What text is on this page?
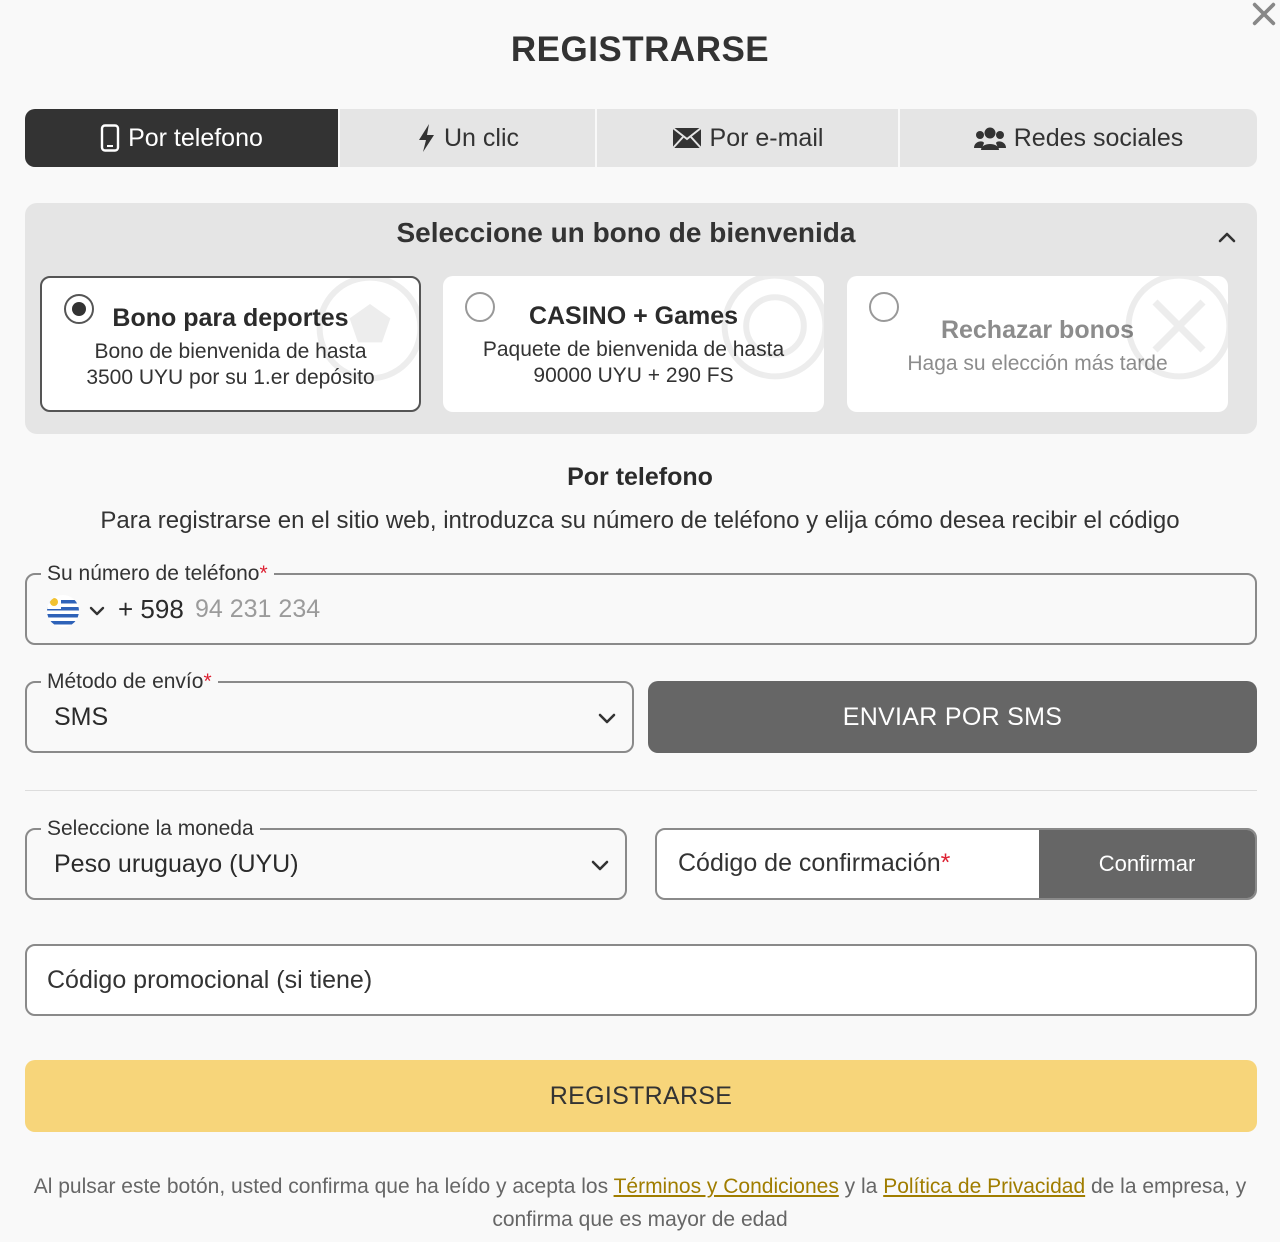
REGISTRARSE
Por telefono	Un clic	Por e-mail	Redes sociales
Seleccione un bono de bienvenida
Bono para deportes
Bono de bienvenida de hasta 3500 UYU por su 1.er depósito
CASINO + Games
Paquete de bienvenida de hasta 90000 UYU + 290 FS
Rechazar bonos
Haga su elección más tarde
Por telefono
Para registrarse en el sitio web, introduzca su número de teléfono y elija cómo desea recibir el código
Su número de teléfono*
+ 598
94 231 234
Método de envío*
SMS	ENVIAR POR SMS
Seleccione la moneda
Peso uruguayo (UYU)	Código de confirmación*	Confirmar
Código promocional (si tiene)
REGISTRARSE
Al pulsar este botón, usted confirma que ha leído y acepta los Términos y Condiciones y la Política de Privacidad de la empresa, y confirma que es mayor de edad
